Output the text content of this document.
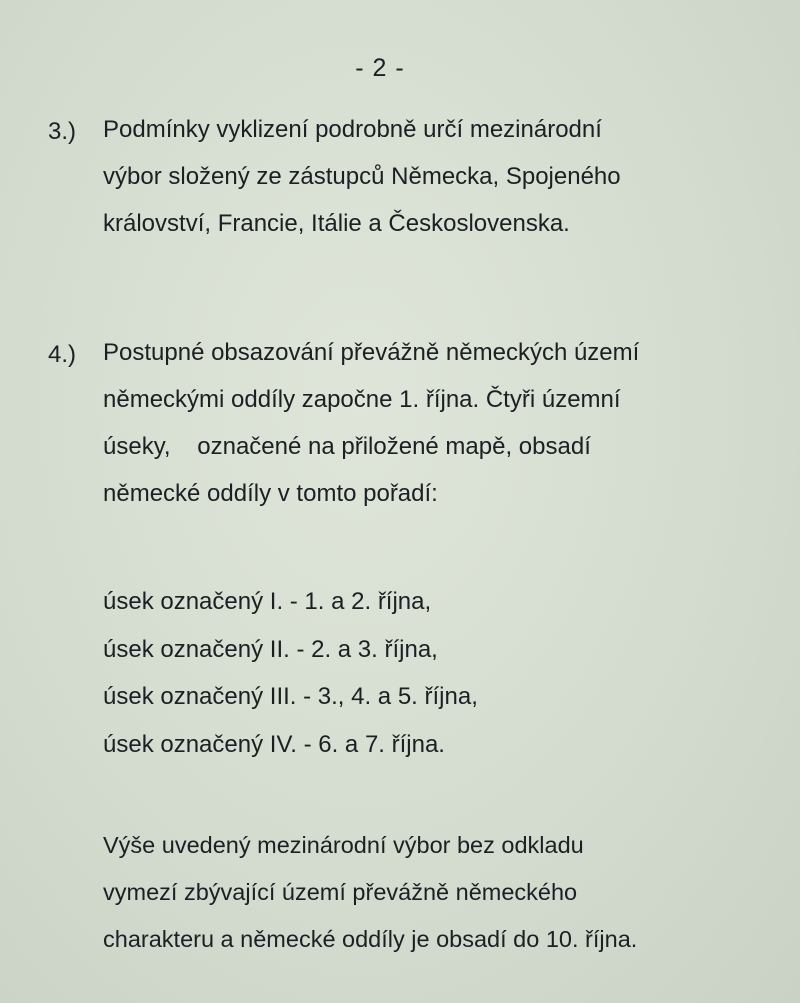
- 2 -
3.) Podmínky vyklizení podrobně určí mezinárodní
výbor složený ze zástupců Německa, Spojeného
království, Francie, Itálie a Československa.
4.) Postupné obsazování převážně německých území
německými oddíly započne 1. října. Čtyři územní
úseky,    označené na přiložené mapě, obsadí
německé oddíly v tomto pořadí:
úsek označený I. - 1. a 2. října,
úsek označený II. - 2. a 3. října,
úsek označený III. - 3., 4. a 5. října,
úsek označený IV. - 6. a 7. října.
Výše uvedený mezinárodní výbor bez odkladu
vymezí zbývající území převážně německého
charakteru a německé oddíly je obsadí do 10. října.
